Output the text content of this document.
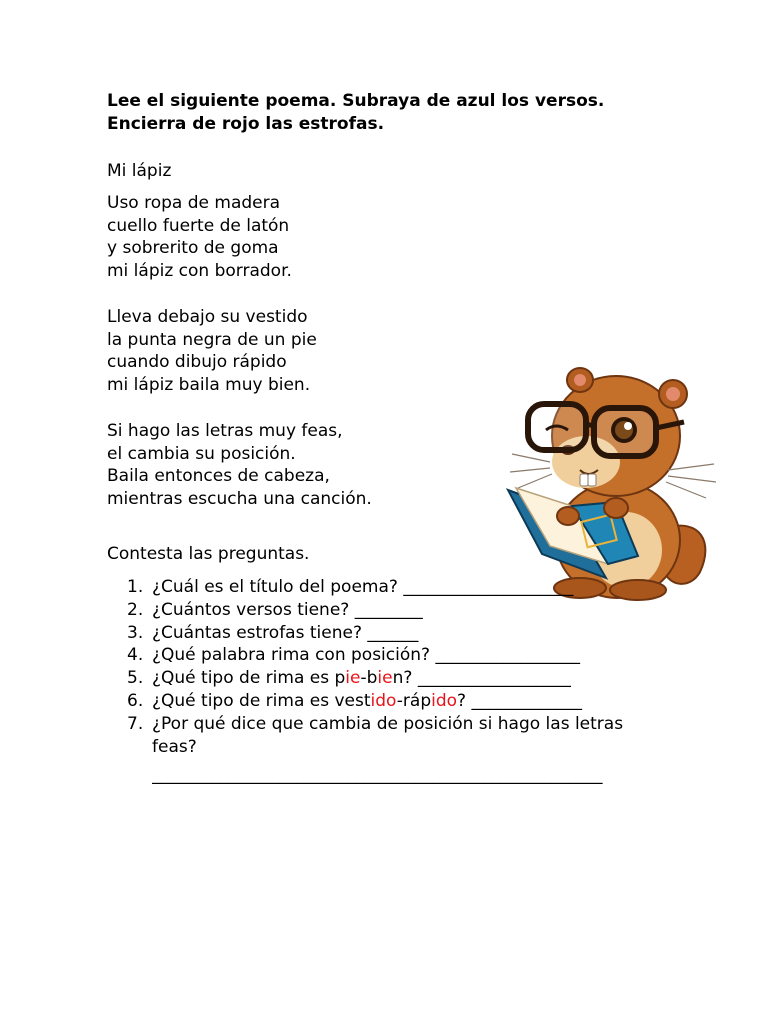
Lee el siguiente poema. Subraya de azul los versos.
Encierra de rojo las estrofas.
Mi lápiz
Uso ropa de madera
cuello fuerte de latón
y sobrerito de goma
mi lápiz con borrador.
Lleva debajo su vestido
la punta negra de un pie
cuando dibujo rápido
mi lápiz baila muy bien.
Si hago las letras muy feas,
el cambia su posición.
Baila entonces de cabeza,
mientras escucha una canción.
Contesta las preguntas.
1. ¿Cuál es el título del poema? ____________________
2. ¿Cuántos versos tiene? ________
3. ¿Cuántas estrofas tiene? ______
4. ¿Qué palabra rima con posición? _________________
5. ¿Qué tipo de rima es pie-bien? __________________
6. ¿Qué tipo de rima es vestido-rápido? _____________
7. ¿Por qué dice que cambia de posición si hago las letras feas?
_____________________________________________________
